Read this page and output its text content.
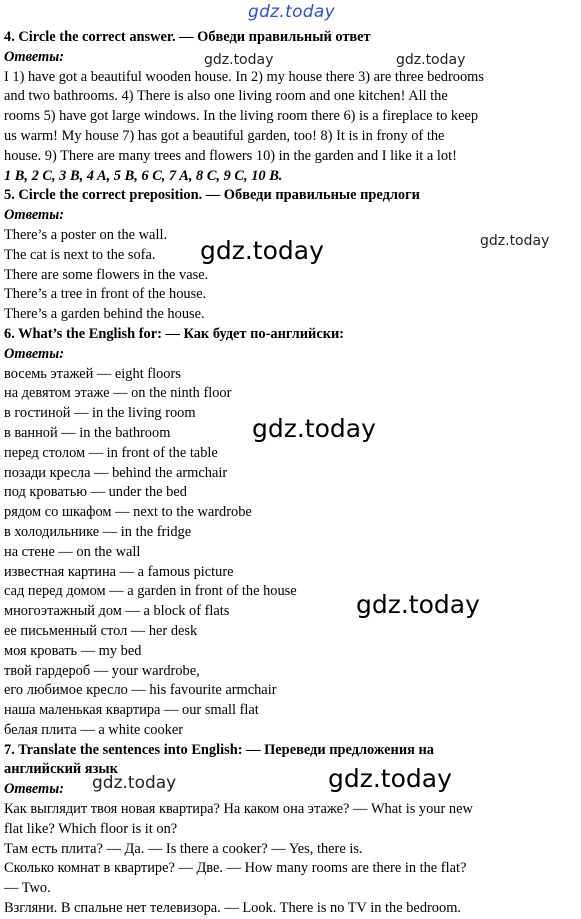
gdz.today
gdz.today	gdz.today
gdz.today
gdz.today
gdz.today
gdz.today
gdz.today	gdz.today
4. Circle the correct answer. — Обведи правильный ответ
Ответы:
I 1) have got a beautiful wooden house. In 2) my house there 3) are three bedrooms
and two bathrooms. 4) There is also one living room and one kitchen! All the
rooms 5) have got large windows. In the living room there 6) is a fireplace to keep
us warm! My house 7) has got a beautiful garden, too! 8) It is in frony of the
house. 9) There are many trees and flowers 10) in the garden and I like it a lot!
1 B, 2 C, 3 B, 4 A, 5 B, 6 C, 7 A, 8 C, 9 C, 10 B.
5. Circle the correct preposition. — Обведи правильные предлоги
Ответы:
There’s a poster on the wall.
The cat is next to the sofa.
There are some flowers in the vase.
There’s a tree in front of the house.
There’s a garden behind the house.
6. What’s the English for: — Как будет по-английски:
Ответы:
восемь этажей — eight floors
на девятом этаже — on the ninth floor
в гостиной — in the living room
в ванной — in the bathroom
перед столом — in front of the table
позади кресла — behind the armchair
под кроватью — under the bed
рядом со шкафом — next to the wardrobe
в холодильнике — in the fridge
на стене — on the wall
известная картина — a famous picture
сад перед домом — a garden in front of the house
многоэтажный дом — a block of flats
ее письменный стол — her desk
моя кровать — my bed
твой гардероб — your wardrobe,
его любимое кресло — his favourite armchair
наша маленькая квартира — our small flat
белая плита — a white cooker
7. Translate the sentences into English: — Переведи предложения на
английский язык
Ответы:
Как выглядит твоя новая квартира? На каком она этаже? — What is your new
flat like? Which floor is it on?
Там есть плита? — Да. — Is there a cooker? — Yes, there is.
Сколько комнат в квартире? — Две. — How many rooms are there in the flat?
— Two.
Взгляни. В спальне нет телевизора. — Look. There is no TV in the bedroom.
